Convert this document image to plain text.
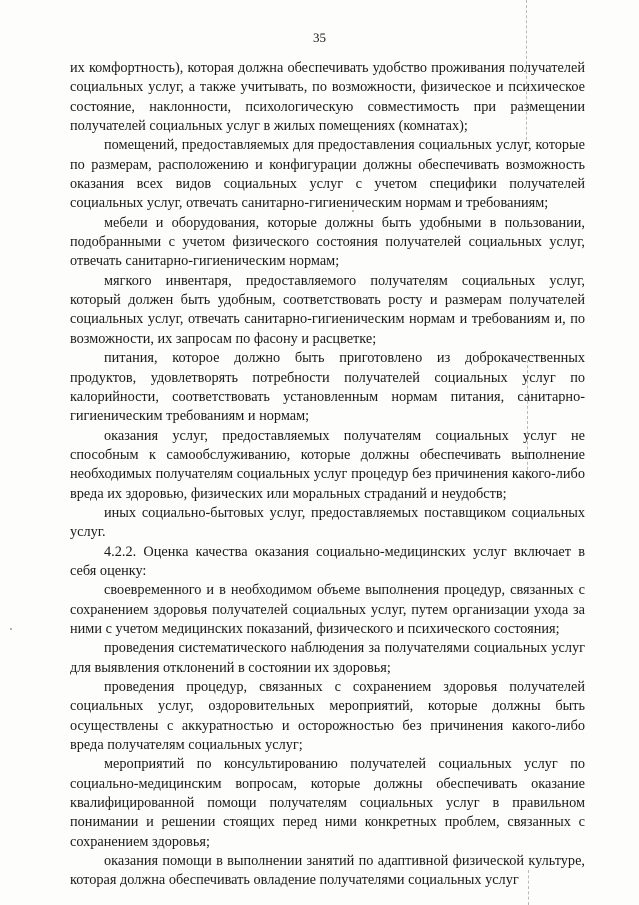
35

их комфортность), которая должна обеспечивать удобство проживания получателей социальных услуг, а также учитывать, по возможности, физическое и психическое состояние, наклонности, психологическую совместимость при размещении получателей социальных услуг в жилых помещениях (комнатах);

помещений, предоставляемых для предоставления социальных услуг, которые по размерам, расположению и конфигурации должны обеспечивать возможность оказания всех видов социальных услуг с учетом специфики получателей социальных услуг, отвечать санитарно-гигиеническим нормам и требованиям;

мебели и оборудования, которые должны быть удобными в пользовании, подобранными с учетом физического состояния получателей социальных услуг, отвечать санитарно-гигиеническим нормам;

мягкого инвентаря, предоставляемого получателям социальных услуг, который должен быть удобным, соответствовать росту и размерам получателей социальных услуг, отвечать санитарно-гигиеническим нормам и требованиям и, по возможности, их запросам по фасону и расцветке;

питания, которое должно быть приготовлено из доброкачественных продуктов, удовлетворять потребности получателей социальных услуг по калорийности, соответствовать установленным нормам питания, санитарно-гигиеническим требованиям и нормам;

оказания услуг, предоставляемых получателям социальных услуг не способным к самообслуживанию, которые должны обеспечивать выполнение необходимых получателям социальных услуг процедур без причинения какого-либо вреда их здоровью, физических или моральных страданий и неудобств;

иных социально-бытовых услуг, предоставляемых поставщиком социальных услуг.

4.2.2. Оценка качества оказания социально-медицинских услуг включает в себя оценку:

своевременного и в необходимом объеме выполнения процедур, связанных с сохранением здоровья получателей социальных услуг, путем организации ухода за ними с учетом медицинских показаний, физического и психического состояния;

проведения систематического наблюдения за получателями социальных услуг для выявления отклонений в состоянии их здоровья;

проведения процедур, связанных с сохранением здоровья получателей социальных услуг, оздоровительных мероприятий, которые должны быть осуществлены с аккуратностью и осторожностью без причинения какого-либо вреда получателям социальных услуг;

мероприятий по консультированию получателей социальных услуг по социально-медицинским вопросам, которые должны обеспечивать оказание квалифицированной помощи получателям социальных услуг в правильном понимании и решении стоящих перед ними конкретных проблем, связанных с сохранением здоровья;

оказания помощи в выполнении занятий по адаптивной физической культуре, которая должна обеспечивать овладение получателями социальных услуг
